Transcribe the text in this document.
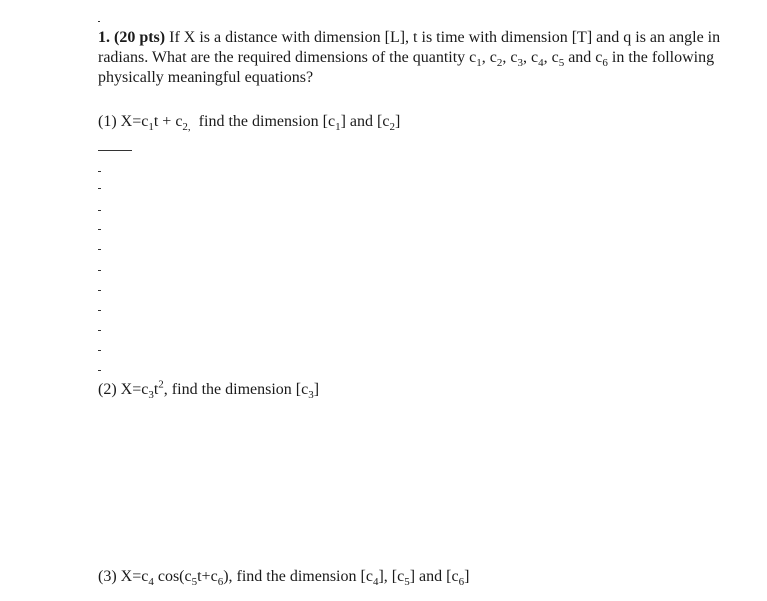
1. (20 pts) If X is a distance with dimension [L], t is time with dimension [T] and q is an angle in radians. What are the required dimensions of the quantity $c_1$, $c_2$, $c_3$, $c_4$, $c_5$ and $c_6$ in the following physically meaningful equations?

(1) $X=c_1t + c_{2,}$ find the dimension $[c_1]$ and $[c_2]$

(2) $X=c_3t^2$, find the dimension $[c_3]$

(3) $X=c_4$ $\cos(c_5t+c_6)$, find the dimension $[c_4]$, $[c_5]$ and $[c_6]$
